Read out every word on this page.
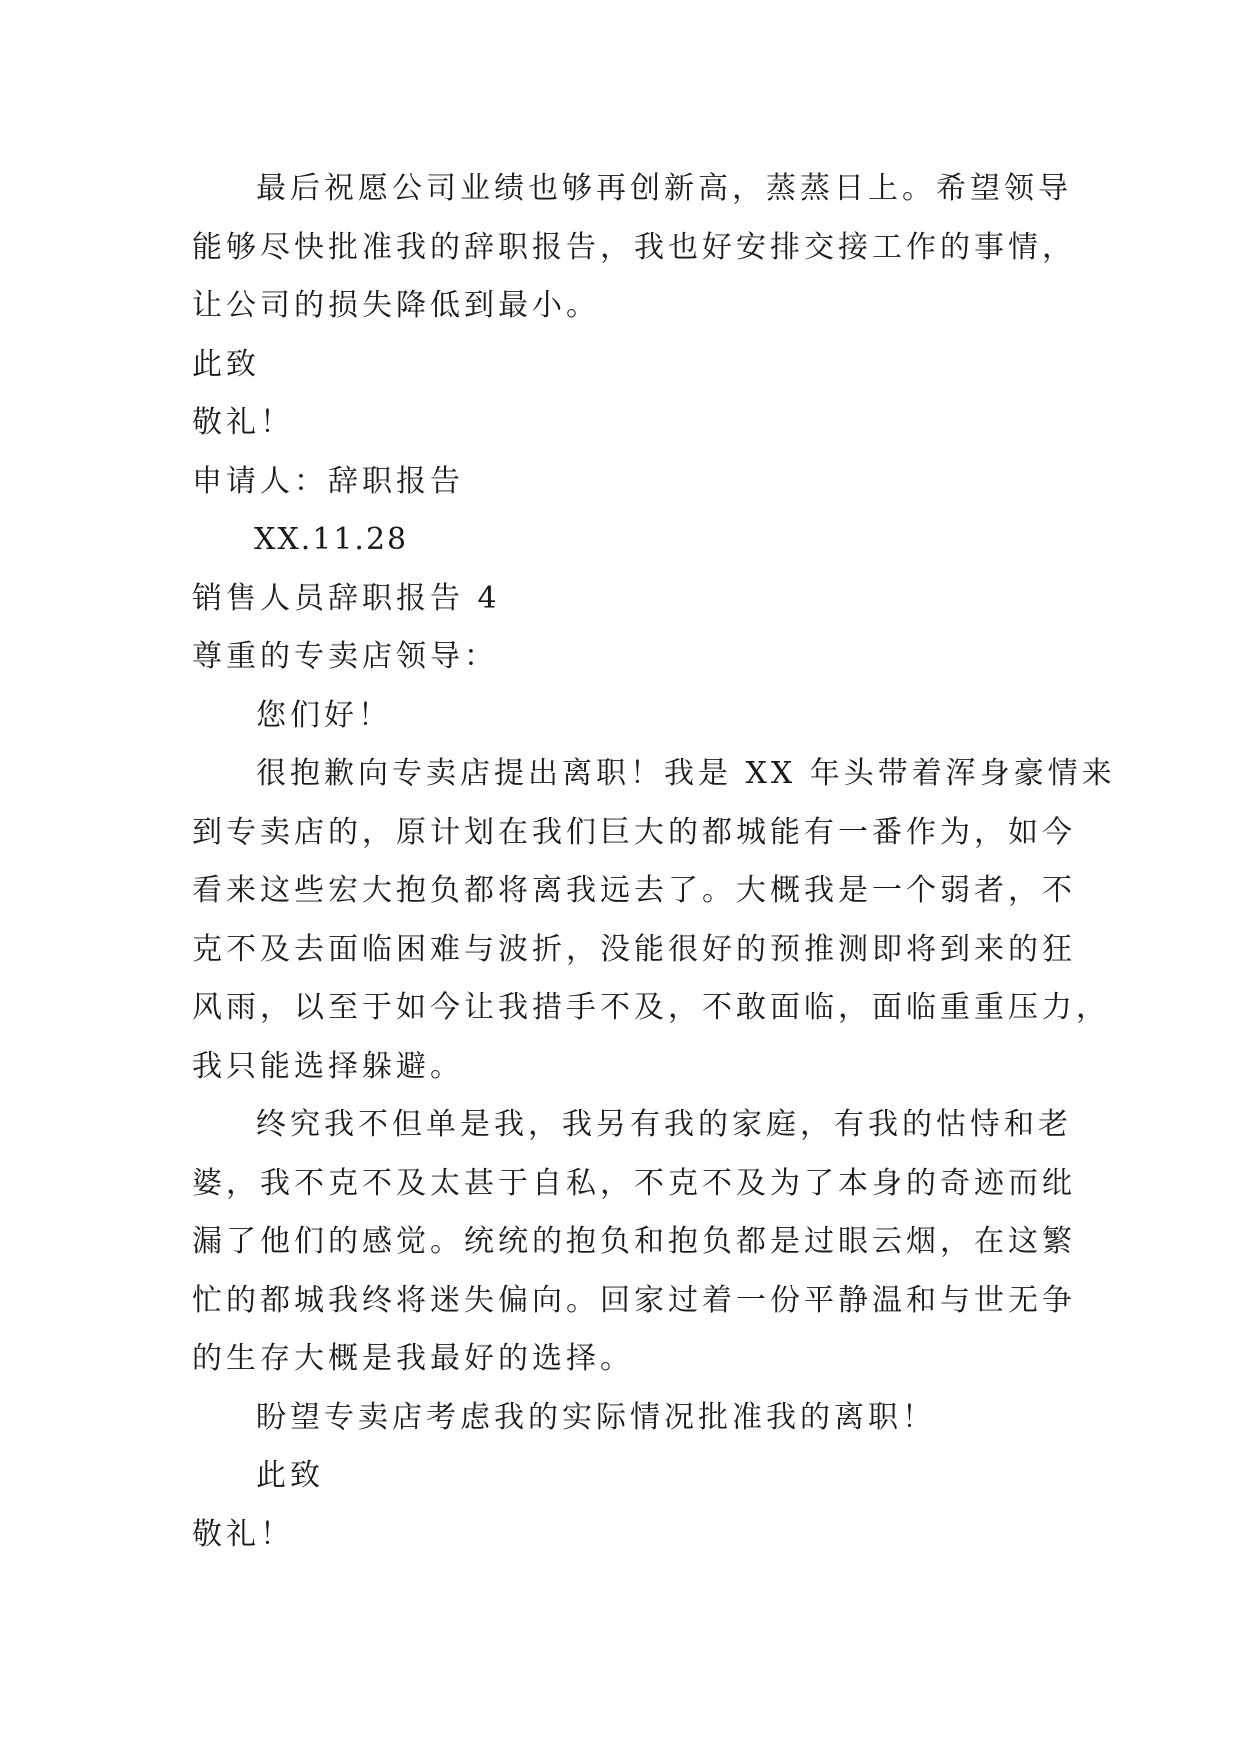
最后祝愿公司业绩也够再创新高，蒸蒸日上。希望领导
能够尽快批准我的辞职报告，我也好安排交接工作的事情，
让公司的损失降低到最小。
此致
敬礼！
申请人：辞职报告
XX.11.28
销售人员辞职报告 4
尊重的专卖店领导：
您们好！
很抱歉向专卖店提出离职！我是 XX 年头带着浑身豪情来
到专卖店的，原计划在我们巨大的都城能有一番作为，如今
看来这些宏大抱负都将离我远去了。大概我是一个弱者，不
克不及去面临困难与波折，没能很好的预推测即将到来的狂
风雨，以至于如今让我措手不及，不敢面临，面临重重压力，
我只能选择躲避。
终究我不但单是我，我另有我的家庭，有我的怙恃和老
婆，我不克不及太甚于自私，不克不及为了本身的奇迹而纰
漏了他们的感觉。统统的抱负和抱负都是过眼云烟，在这繁
忙的都城我终将迷失偏向。回家过着一份平静温和与世无争
的生存大概是我最好的选择。
盼望专卖店考虑我的实际情况批准我的离职！
此致
敬礼！
